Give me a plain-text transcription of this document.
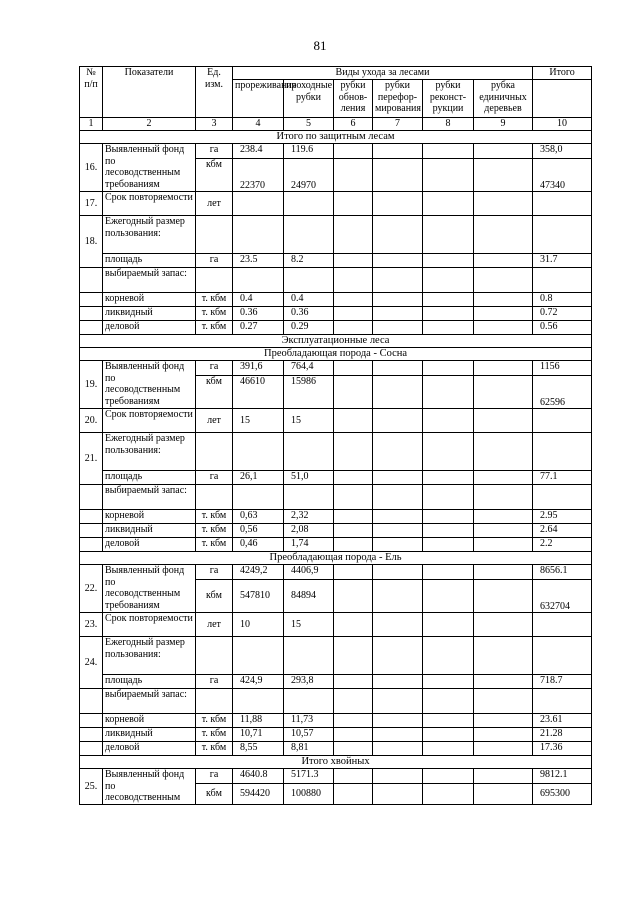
81
№ п/п	Показатели	Ед. изм.	Виды ухода за лесами						Итого
			прореживания	проходные рубки	рубки обнов-ления	рубки перефор-мирования	рубки реконст-рукции	рубка единичных деревьев	
1	2	3	4	5	6	7	8	9	10
Итого по защитным лесам									
16.	Выявленный фонд по лесоводственным требованиям	га	238.4	119.6					358,0
		кбм	22370	24970					47340
17.	Срок повторяемости	лет							
18.	Ежегодный размер пользования:								
	площадь	га	23.5	8.2					31.7
	выбираемый запас:								
	корневой	т. кбм	0.4	0.4					0.8
	ликвидный	т. кбм	0.36	0.36					0.72
	деловой	т. кбм	0.27	0.29					0.56
Эксплуатационные леса									
Преобладающая порода - Сосна									
19.	Выявленный фонд по лесоводственным требованиям	га	391,6	764,4					1156
		кбм	46610	15986					62596
20.	Срок повторяемости	лет	15	15					
21.	Ежегодный размер пользования:								
	площадь	га	26,1	51,0					77.1
	выбираемый запас:								
	корневой	т. кбм	0,63	2,32					2.95
	ликвидный	т. кбм	0,56	2,08					2.64
	деловой	т. кбм	0,46	1,74					2.2
Преобладающая порода - Ель									
22.	Выявленный фонд по лесоводственным требованиям	га	4249,2	4406,9					8656.1
		кбм	547810	84894					632704
23.	Срок повторяемости	лет	10	15					
24.	Ежегодный размер пользования:								
	площадь	га	424,9	293,8					718.7
	выбираемый запас:								
	корневой	т. кбм	11,88	11,73					23.61
	ликвидный	т. кбм	10,71	10,57					21.28
	деловой	т. кбм	8,55	8,81					17.36
Итого хвойных									
25.	Выявленный фонд по лесоводственным	га	4640.8	5171.3					9812.1
		кбм	594420	100880					695300
